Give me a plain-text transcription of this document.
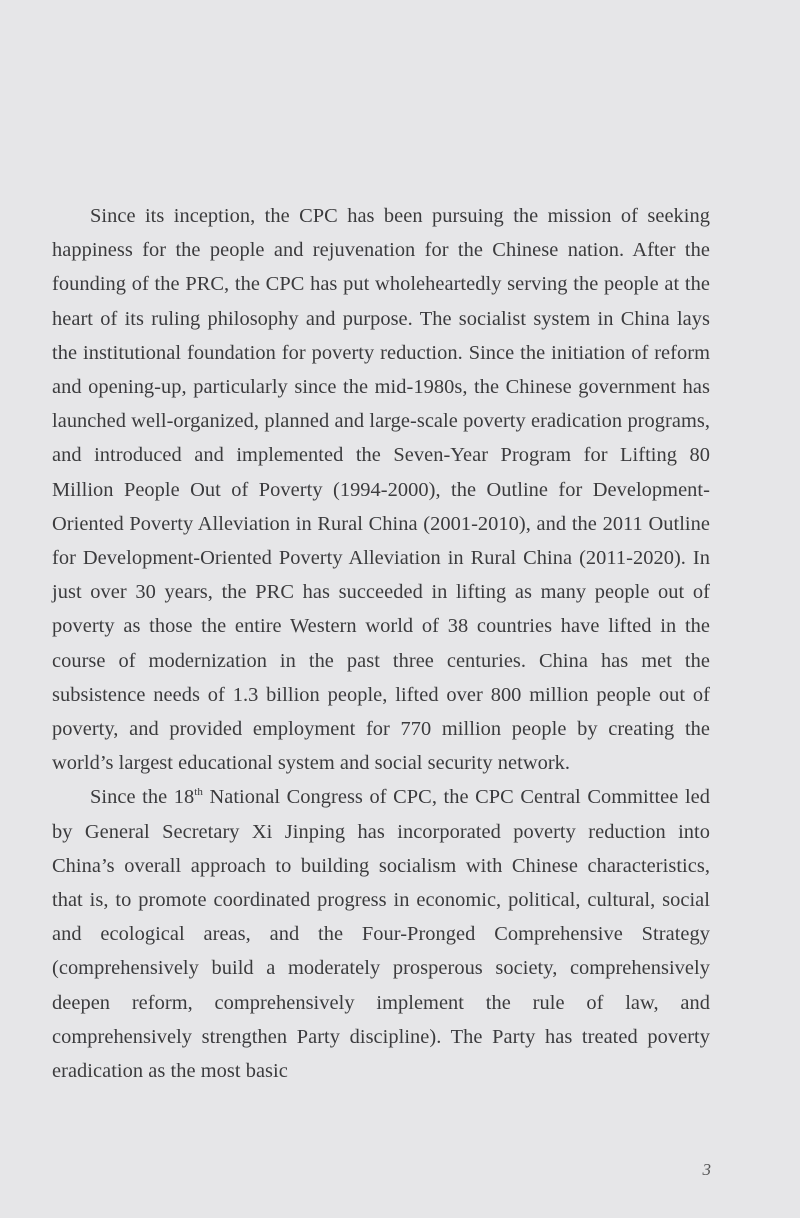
Since its inception, the CPC has been pursuing the mission of seeking happiness for the people and rejuvenation for the Chinese nation. After the founding of the PRC, the CPC has put wholeheartedly serving the people at the heart of its ruling philosophy and purpose. The socialist system in China lays the institutional foundation for poverty reduction. Since the initiation of reform and opening-up, particularly since the mid-1980s, the Chinese government has launched well-organized, planned and large-scale poverty eradication programs, and introduced and implemented the Seven-Year Program for Lifting 80 Million People Out of Poverty (1994-2000), the Outline for Development-Oriented Poverty Alleviation in Rural China (2001-2010), and the 2011 Outline for Development-Oriented Poverty Alleviation in Rural China (2011-2020). In just over 30 years, the PRC has succeeded in lifting as many people out of poverty as those the entire Western world of 38 countries have lifted in the course of modernization in the past three centuries. China has met the subsistence needs of 1.3 billion people, lifted over 800 million people out of poverty, and provided employment for 770 million people by creating the world’s largest educational system and social security network.

Since the 18th National Congress of CPC, the CPC Central Committee led by General Secretary Xi Jinping has incorporated poverty reduction into China’s overall approach to building socialism with Chinese characteristics, that is, to promote coordinated progress in economic, political, cultural, social and ecological areas, and the Four-Pronged Comprehensive Strategy (comprehensively build a moderately prosperous society, comprehensively deepen reform, comprehensively implement the rule of law, and comprehensively strengthen Party discipline). The Party has treated poverty eradication as the most basic

3
